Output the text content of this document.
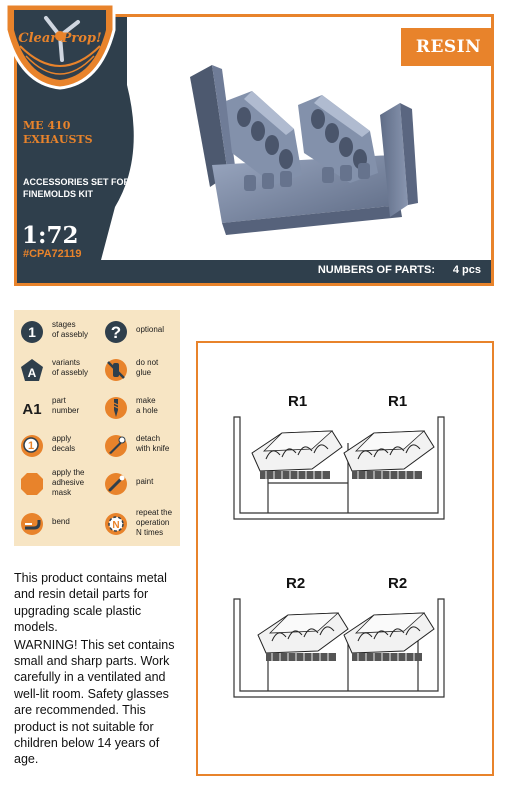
RESIN
ME 410
EXHAUSTS
ACCESSORIES SET FOR
FINEMOLDS KIT
1:72
#CPA72119
NUMBERS OF PARTS: 4 pcs
Clear Prop!
1 stages
of assebly ? optional
A
variants
of assebly
do not
glue
A1
part
number
make
a hole
1
apply
decals
detach
with knife
apply the
adhesive
mask
paint
bend	N
repeat the
operation
N times

This product contains metal and resin detail parts for upgrading scale plastic models.

WARNING! This set contains small and sharp parts. Work carefully in a ventilated and well-lit room. Safety glasses are recommended. This product is not suitable for children below 14 years of age.

R1	R1
R2	R2
